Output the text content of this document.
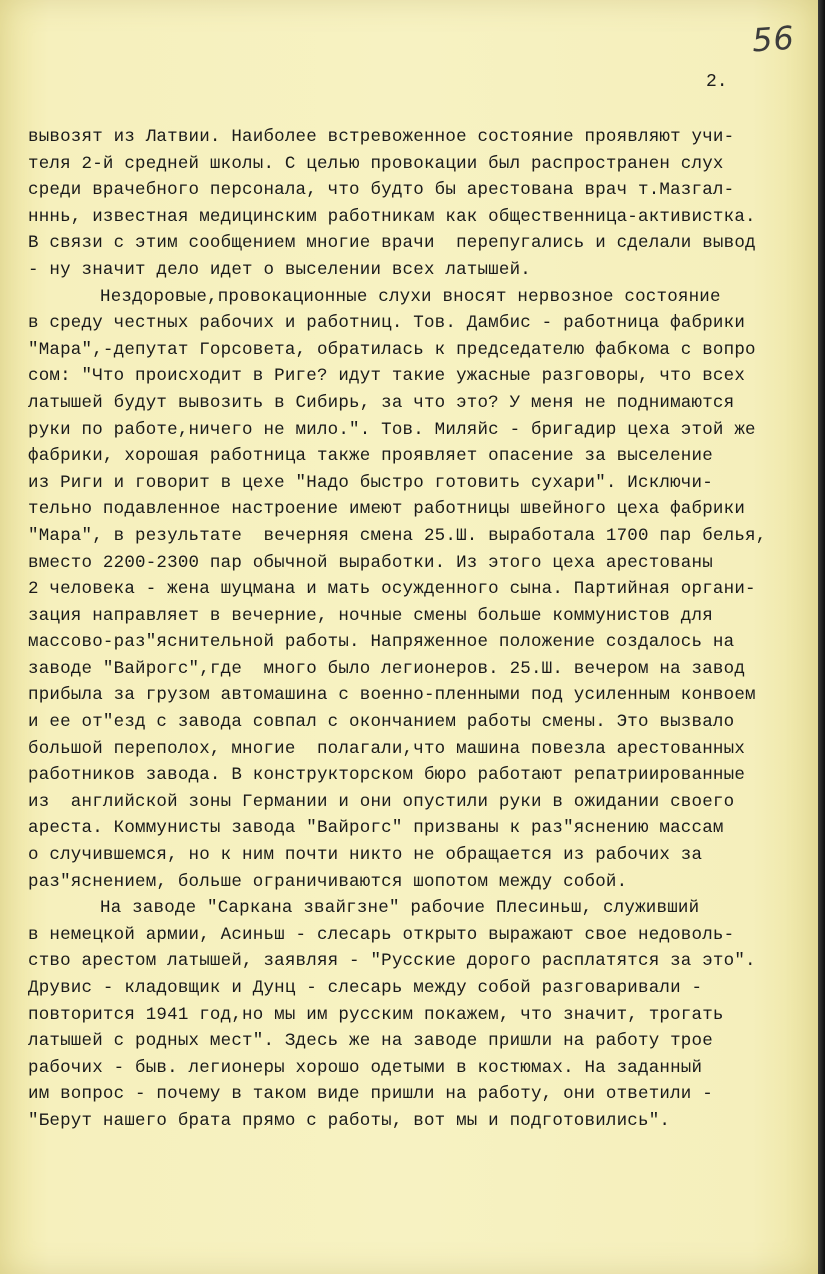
56
2.
вывозят из Латвии. Наиболее встревоженное состояние проявляют учи-
теля 2-й средней школы. С целью провокации был распространен слух
среди врачебного персонала, что будто бы арестована врач т.Мазгал-
нннь, известная медицинским работникам как общественница-активистка.
В связи с этим сообщением многие врачи  перепугались и сделали вывод
- ну значит дело идет о выселении всех латышей.
Нездоровые,провокационные слухи вносят нервозное состояние
в среду честных рабочих и работниц. Тов. Дамбис - работница фабрики
"Мара",-депутат Горсовета, обратилась к председателю фабкома с вопро
сом: "Что происходит в Риге? идут такие ужасные разговоры, что всех
латышей будут вывозить в Сибирь, за что это? У меня не поднимаются
руки по работе,ничего не мило.". Тов. Миляйс - бригадир цеха этой же
фабрики, хорошая работница также проявляет опасение за выселение
из Риги и говорит в цехе "Надо быстро готовить сухари". Исключи-
тельно подавленное настроение имеют работницы швейного цеха фабрики
"Мара", в результате  вечерняя смена 25.Ш. выработала 1700 пар белья,
вместо 2200-2300 пар обычной выработки. Из этого цеха арестованы
2 человека - жена шуцмана и мать осужденного сына. Партийная органи-
зация направляет в вечерние, ночные смены больше коммунистов для
массово-раз"яснительной работы. Напряженное положение создалось на
заводе "Вайрогс",где  много было легионеров. 25.Ш. вечером на завод
прибыла за грузом автомашина с военно-пленными под усиленным конвоем
и ее от"езд с завода совпал с окончанием работы смены. Это вызвало
большой переполох, многие  полагали,что машина повезла арестованных
работников завода. В конструкторском бюро работают репатриированные
из  английской зоны Германии и они опустили руки в ожидании своего
ареста. Коммунисты завода "Вайрогс" призваны к раз"яснению массам
о случившемся, но к ним почти никто не обращается из рабочих за
раз"яснением, больше ограничиваются шопотом между собой.
На заводе "Саркана звайгзне" рабочие Плесиньш, служивший
в немецкой армии, Асиньш - слесарь открыто выражают свое недоволь-
ство арестом латышей, заявляя - "Русские дорого расплатятся за это".
Друвис - кладовщик и Дунц - слесарь между собой разговаривали -
повторится 1941 год,но мы им русским покажем, что значит, трогать
латышей с родных мест". Здесь же на заводе пришли на работу трое
рабочих - быв. легионеры хорошо одетыми в костюмах. На заданный
им вопрос - почему в таком виде пришли на работу, они ответили -
"Берут нашего брата прямо с работы, вот мы и подготовились".
